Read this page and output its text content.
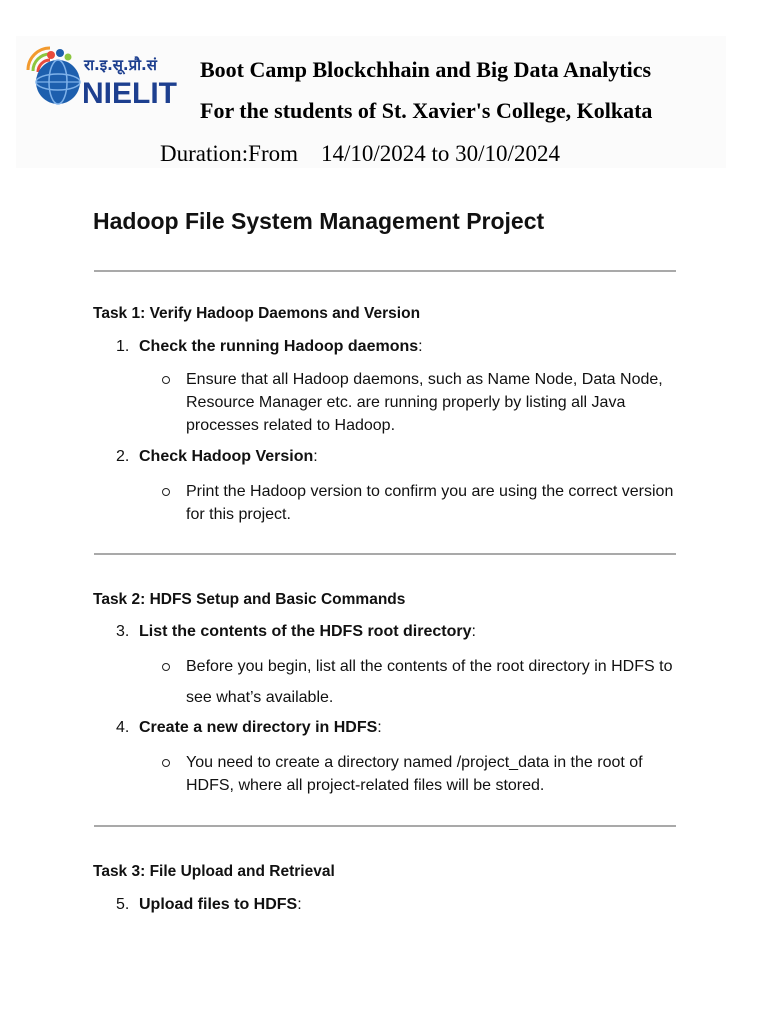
रा.इ.सू.प्रौ.सं
NIELIT
Boot Camp Blockchhain and Big Data Analytics
For the students of St. Xavier's College, Kolkata
Duration:From    14/10/2024 to 30/10/2024
Hadoop File System Management Project
Task 1: Verify Hadoop Daemons and Version
1. Check the running Hadoop daemons:
Ensure that all Hadoop daemons, such as Name Node, Data Node, Resource Manager etc. are running properly by listing all Java processes related to Hadoop.
2. Check Hadoop Version:
Print the Hadoop version to confirm you are using the correct version for this project.
Task 2: HDFS Setup and Basic Commands
3. List the contents of the HDFS root directory:
Before you begin, list all the contents of the root directory in HDFS to see what’s available.
4. Create a new directory in HDFS:
You need to create a directory named /project_data in the root of HDFS, where all project-related files will be stored.
Task 3: File Upload and Retrieval
5. Upload files to HDFS:
